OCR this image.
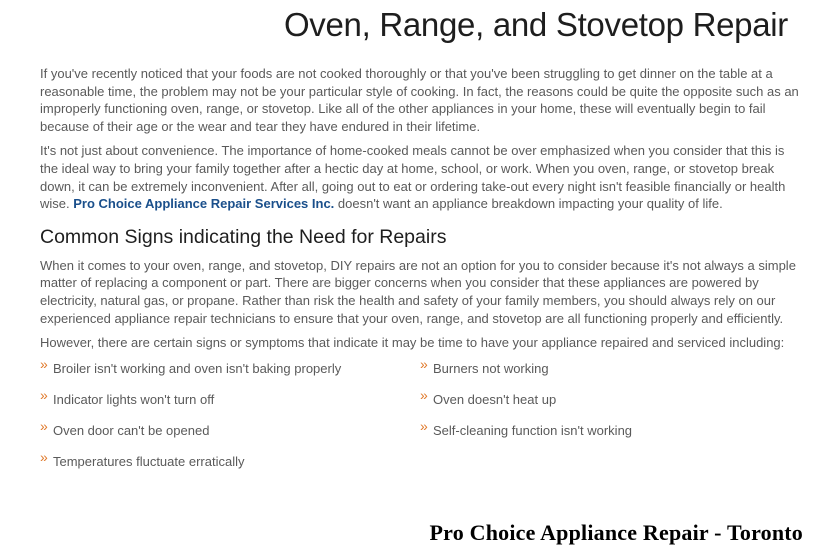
Oven, Range, and Stovetop Repair

If you've recently noticed that your foods are not cooked thoroughly or that you've been struggling to get dinner on the table at a reasonable time, the problem may not be your particular style of cooking. In fact, the reasons could be quite the opposite such as an improperly functioning oven, range, or stovetop. Like all of the other appliances in your home, these will eventually begin to fail because of their age or the wear and tear they have endured in their lifetime.

It's not just about convenience. The importance of home-cooked meals cannot be over emphasized when you consider that this is the ideal way to bring your family together after a hectic day at home, school, or work. When you oven, range, or stovetop break down, it can be extremely inconvenient. After all, going out to eat or ordering take-out every night isn't feasible financially or health wise. Pro Choice Appliance Repair Services Inc. doesn't want an appliance breakdown impacting your quality of life.

Common Signs indicating the Need for Repairs

When it comes to your oven, range, and stovetop, DIY repairs are not an option for you to consider because it's not always a simple matter of replacing a component or part. There are bigger concerns when you consider that these appliances are powered by electricity, natural gas, or propane. Rather than risk the health and safety of your family members, you should always rely on our experienced appliance repair technicians to ensure that your oven, range, and stovetop are all functioning properly and efficiently.

However, there are certain signs or symptoms that indicate it may be time to have your appliance repaired and serviced including:

» Broiler isn't working and oven isn't baking properly
» Indicator lights won't turn off
» Oven door can't be opened
» Temperatures fluctuate erratically
» Burners not working
» Oven doesn't heat up
» Self-cleaning function isn't working
Pro Choice Appliance Repair - Toronto
